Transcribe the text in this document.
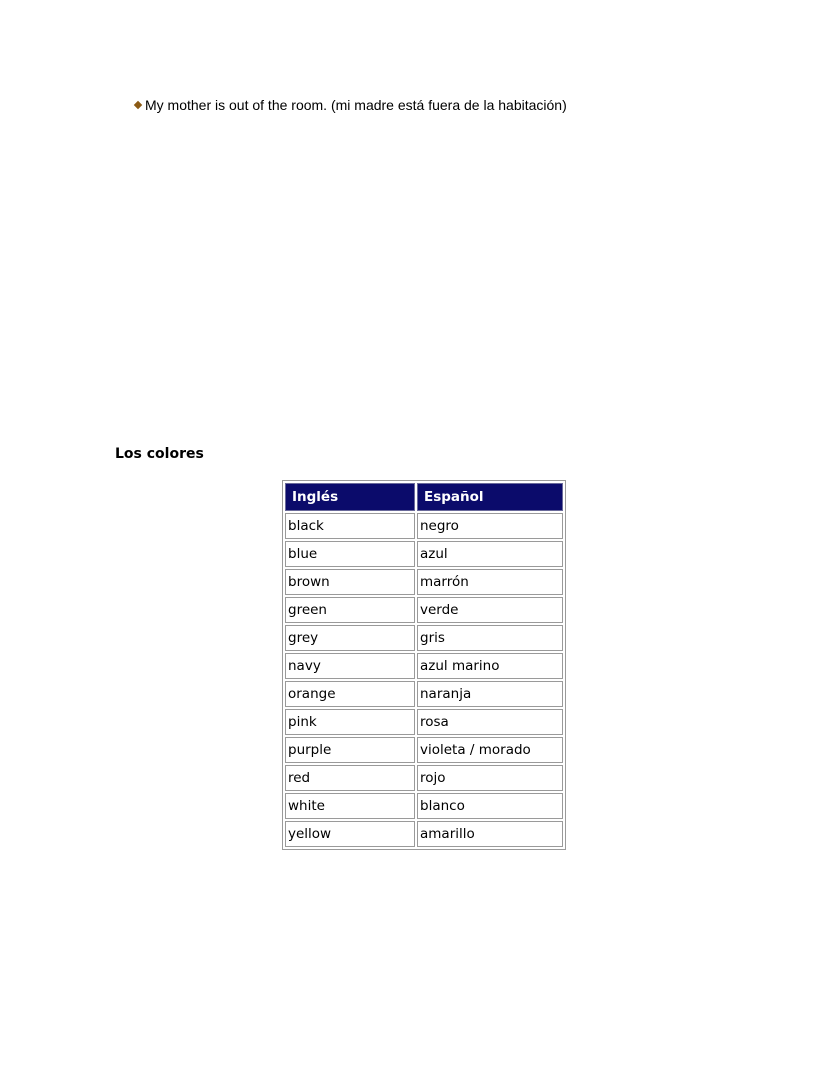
My mother is out of the room. (mi madre está fuera de la habitación)
Los colores
Inglés	Español
black	negro
blue	azul
brown	marrón
green	verde
grey	gris
navy	azul marino
orange	naranja
pink	rosa
purple	violeta / morado
red	rojo
white	blanco
yellow	amarillo
